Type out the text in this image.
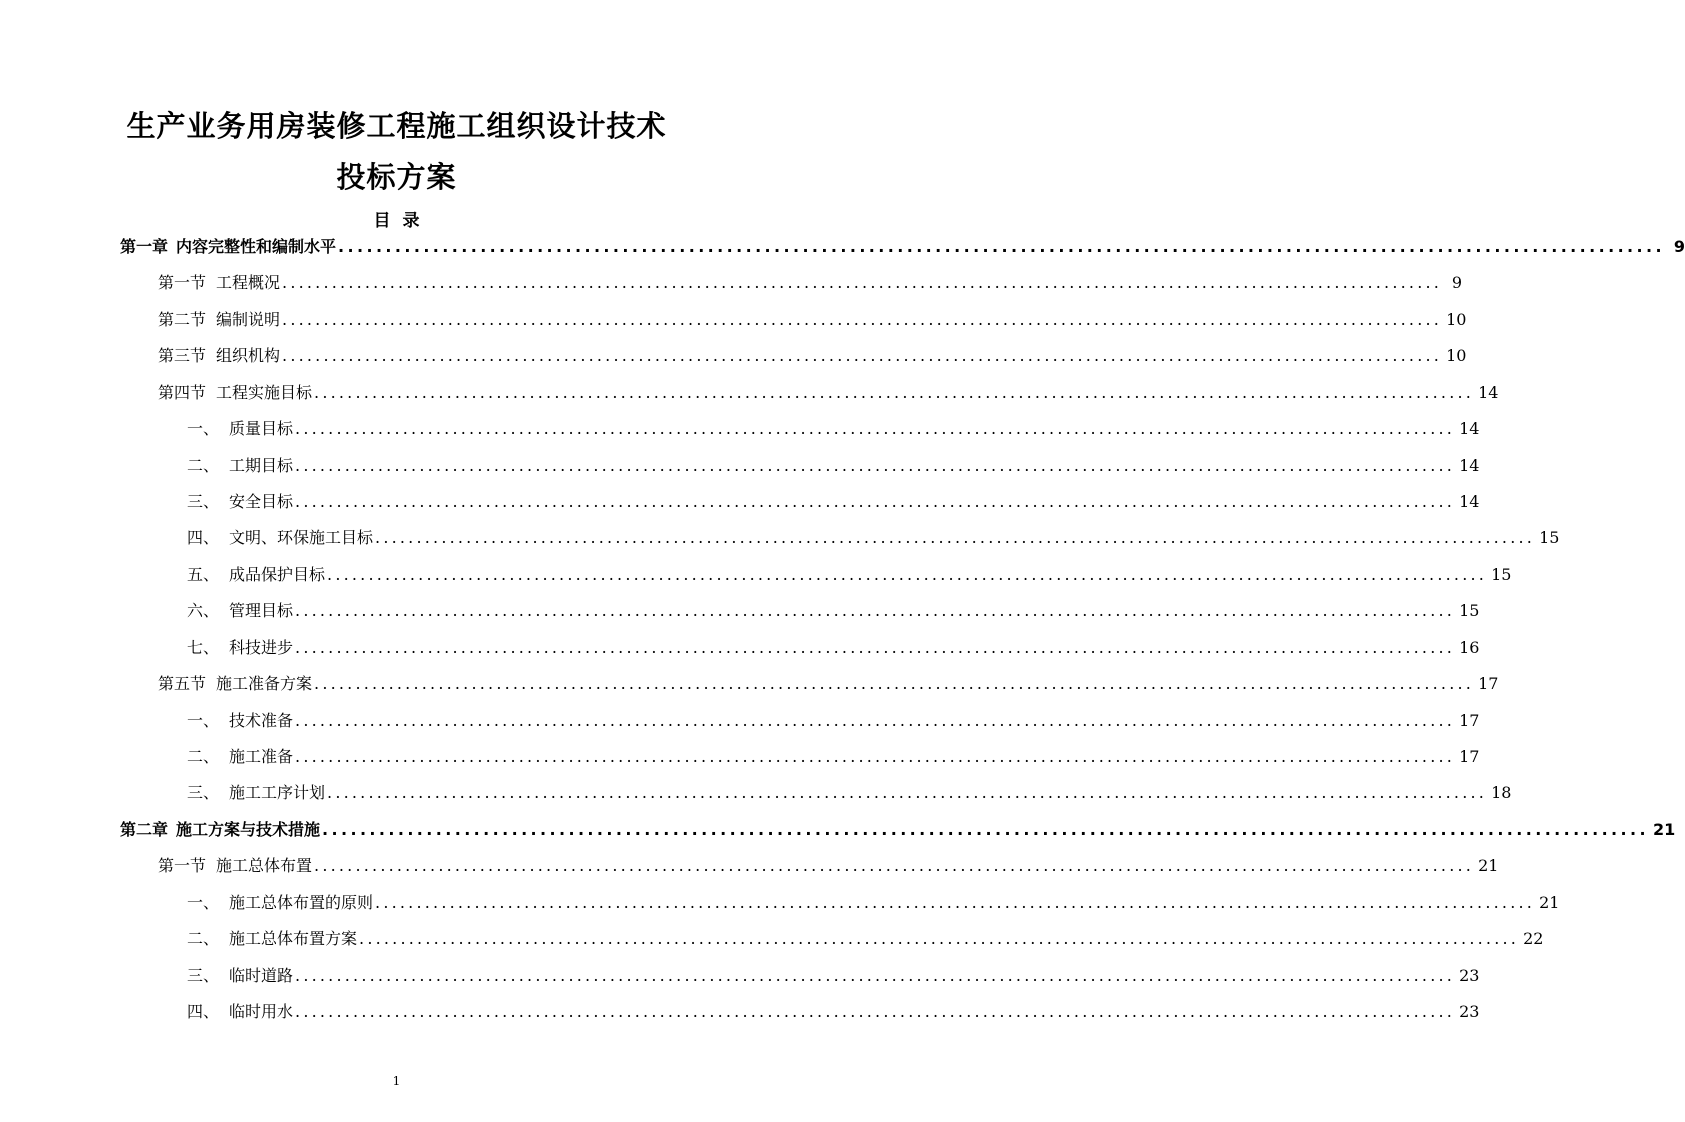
生产业务用房装修工程施工组织设计技术
投标方案
目 录
第一章 内容完整性和编制水平 ............................................................................................................................................ 9
第一节 工程概况 ............................................................................................................................................ 9
第二节 编制说明 ............................................................................................................................................ 10
第三节 组织机构 ............................................................................................................................................ 10
第四节 工程实施目标 ............................................................................................................................................ 14
一、 质量目标 ............................................................................................................................................ 14
二、 工期目标 ............................................................................................................................................ 14
三、 安全目标 ............................................................................................................................................ 14
四、 文明、环保施工目标 ............................................................................................................................................ 15
五、 成品保护目标 ............................................................................................................................................ 15
六、 管理目标 ............................................................................................................................................ 15
七、 科技进步 ............................................................................................................................................ 16
第五节 施工准备方案 ............................................................................................................................................ 17
一、 技术准备 ............................................................................................................................................ 17
二、 施工准备 ............................................................................................................................................ 17
三、 施工工序计划 ............................................................................................................................................ 18
第二章 施工方案与技术措施 ............................................................................................................................................ 21
第一节 施工总体布置 ............................................................................................................................................ 21
一、 施工总体布置的原则 ............................................................................................................................................ 21
二、 施工总体布置方案 ............................................................................................................................................ 22
三、 临时道路 ............................................................................................................................................ 23
四、 临时用水 ............................................................................................................................................ 23
1
